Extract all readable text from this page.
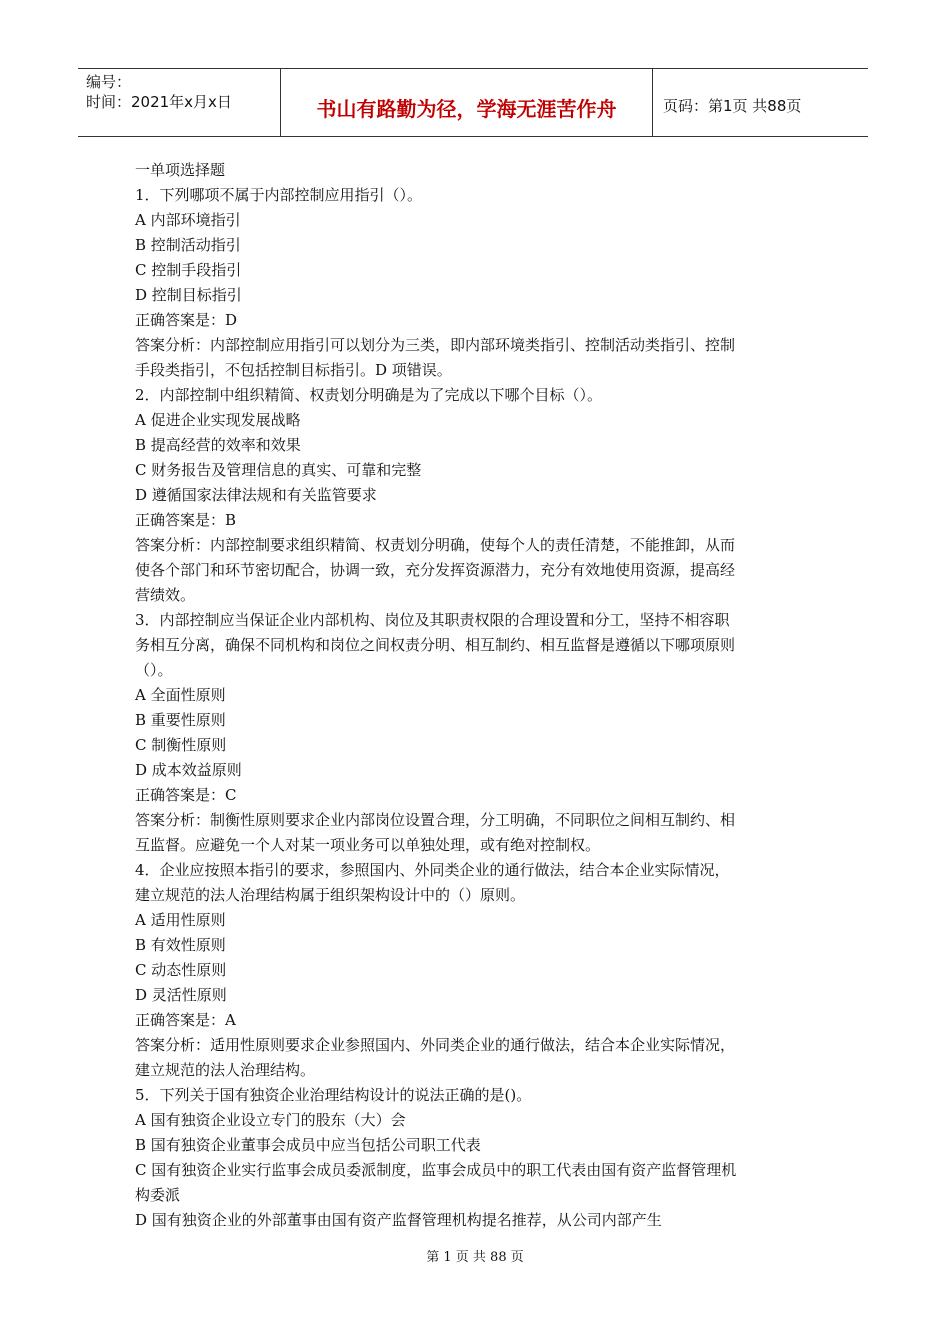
编号：
时间：2021年x月x日	书山有路勤为径，学海无涯苦作舟	页码：第1页 共88页
一单项选择题
1．下列哪项不属于内部控制应用指引（）。
A 内部环境指引
B 控制活动指引
C 控制手段指引
D 控制目标指引
正确答案是：D
答案分析：内部控制应用指引可以划分为三类，即内部环境类指引、控制活动类指引、控制
手段类指引，不包括控制目标指引。D 项错误。
2．内部控制中组织精简、权责划分明确是为了完成以下哪个目标（）。
A 促进企业实现发展战略
B 提高经营的效率和效果
C 财务报告及管理信息的真实、可靠和完整
D 遵循国家法律法规和有关监管要求
正确答案是：B
答案分析：内部控制要求组织精简、权责划分明确，使每个人的责任清楚，不能推卸，从而
使各个部门和环节密切配合，协调一致，充分发挥资源潜力，充分有效地使用资源，提高经
营绩效。
3．内部控制应当保证企业内部机构、岗位及其职责权限的合理设置和分工，坚持不相容职
务相互分离，确保不同机构和岗位之间权责分明、相互制约、相互监督是遵循以下哪项原则
（）。
A 全面性原则
B 重要性原则
C 制衡性原则
D 成本效益原则
正确答案是：C
答案分析：制衡性原则要求企业内部岗位设置合理，分工明确，不同职位之间相互制约、相
互监督。应避免一个人对某一项业务可以单独处理，或有绝对控制权。
4．企业应按照本指引的要求，参照国内、外同类企业的通行做法，结合本企业实际情况，
建立规范的法人治理结构属于组织架构设计中的（）原则。
A 适用性原则
B 有效性原则
C 动态性原则
D 灵活性原则
正确答案是：A
答案分析：适用性原则要求企业参照国内、外同类企业的通行做法，结合本企业实际情况，
建立规范的法人治理结构。
5．下列关于国有独资企业治理结构设计的说法正确的是()。
A 国有独资企业设立专门的股东（大）会
B 国有独资企业董事会成员中应当包括公司职工代表
C 国有独资企业实行监事会成员委派制度，监事会成员中的职工代表由国有资产监督管理机
构委派
D 国有独资企业的外部董事由国有资产监督管理机构提名推荐，从公司内部产生
第 1 页 共 88 页
